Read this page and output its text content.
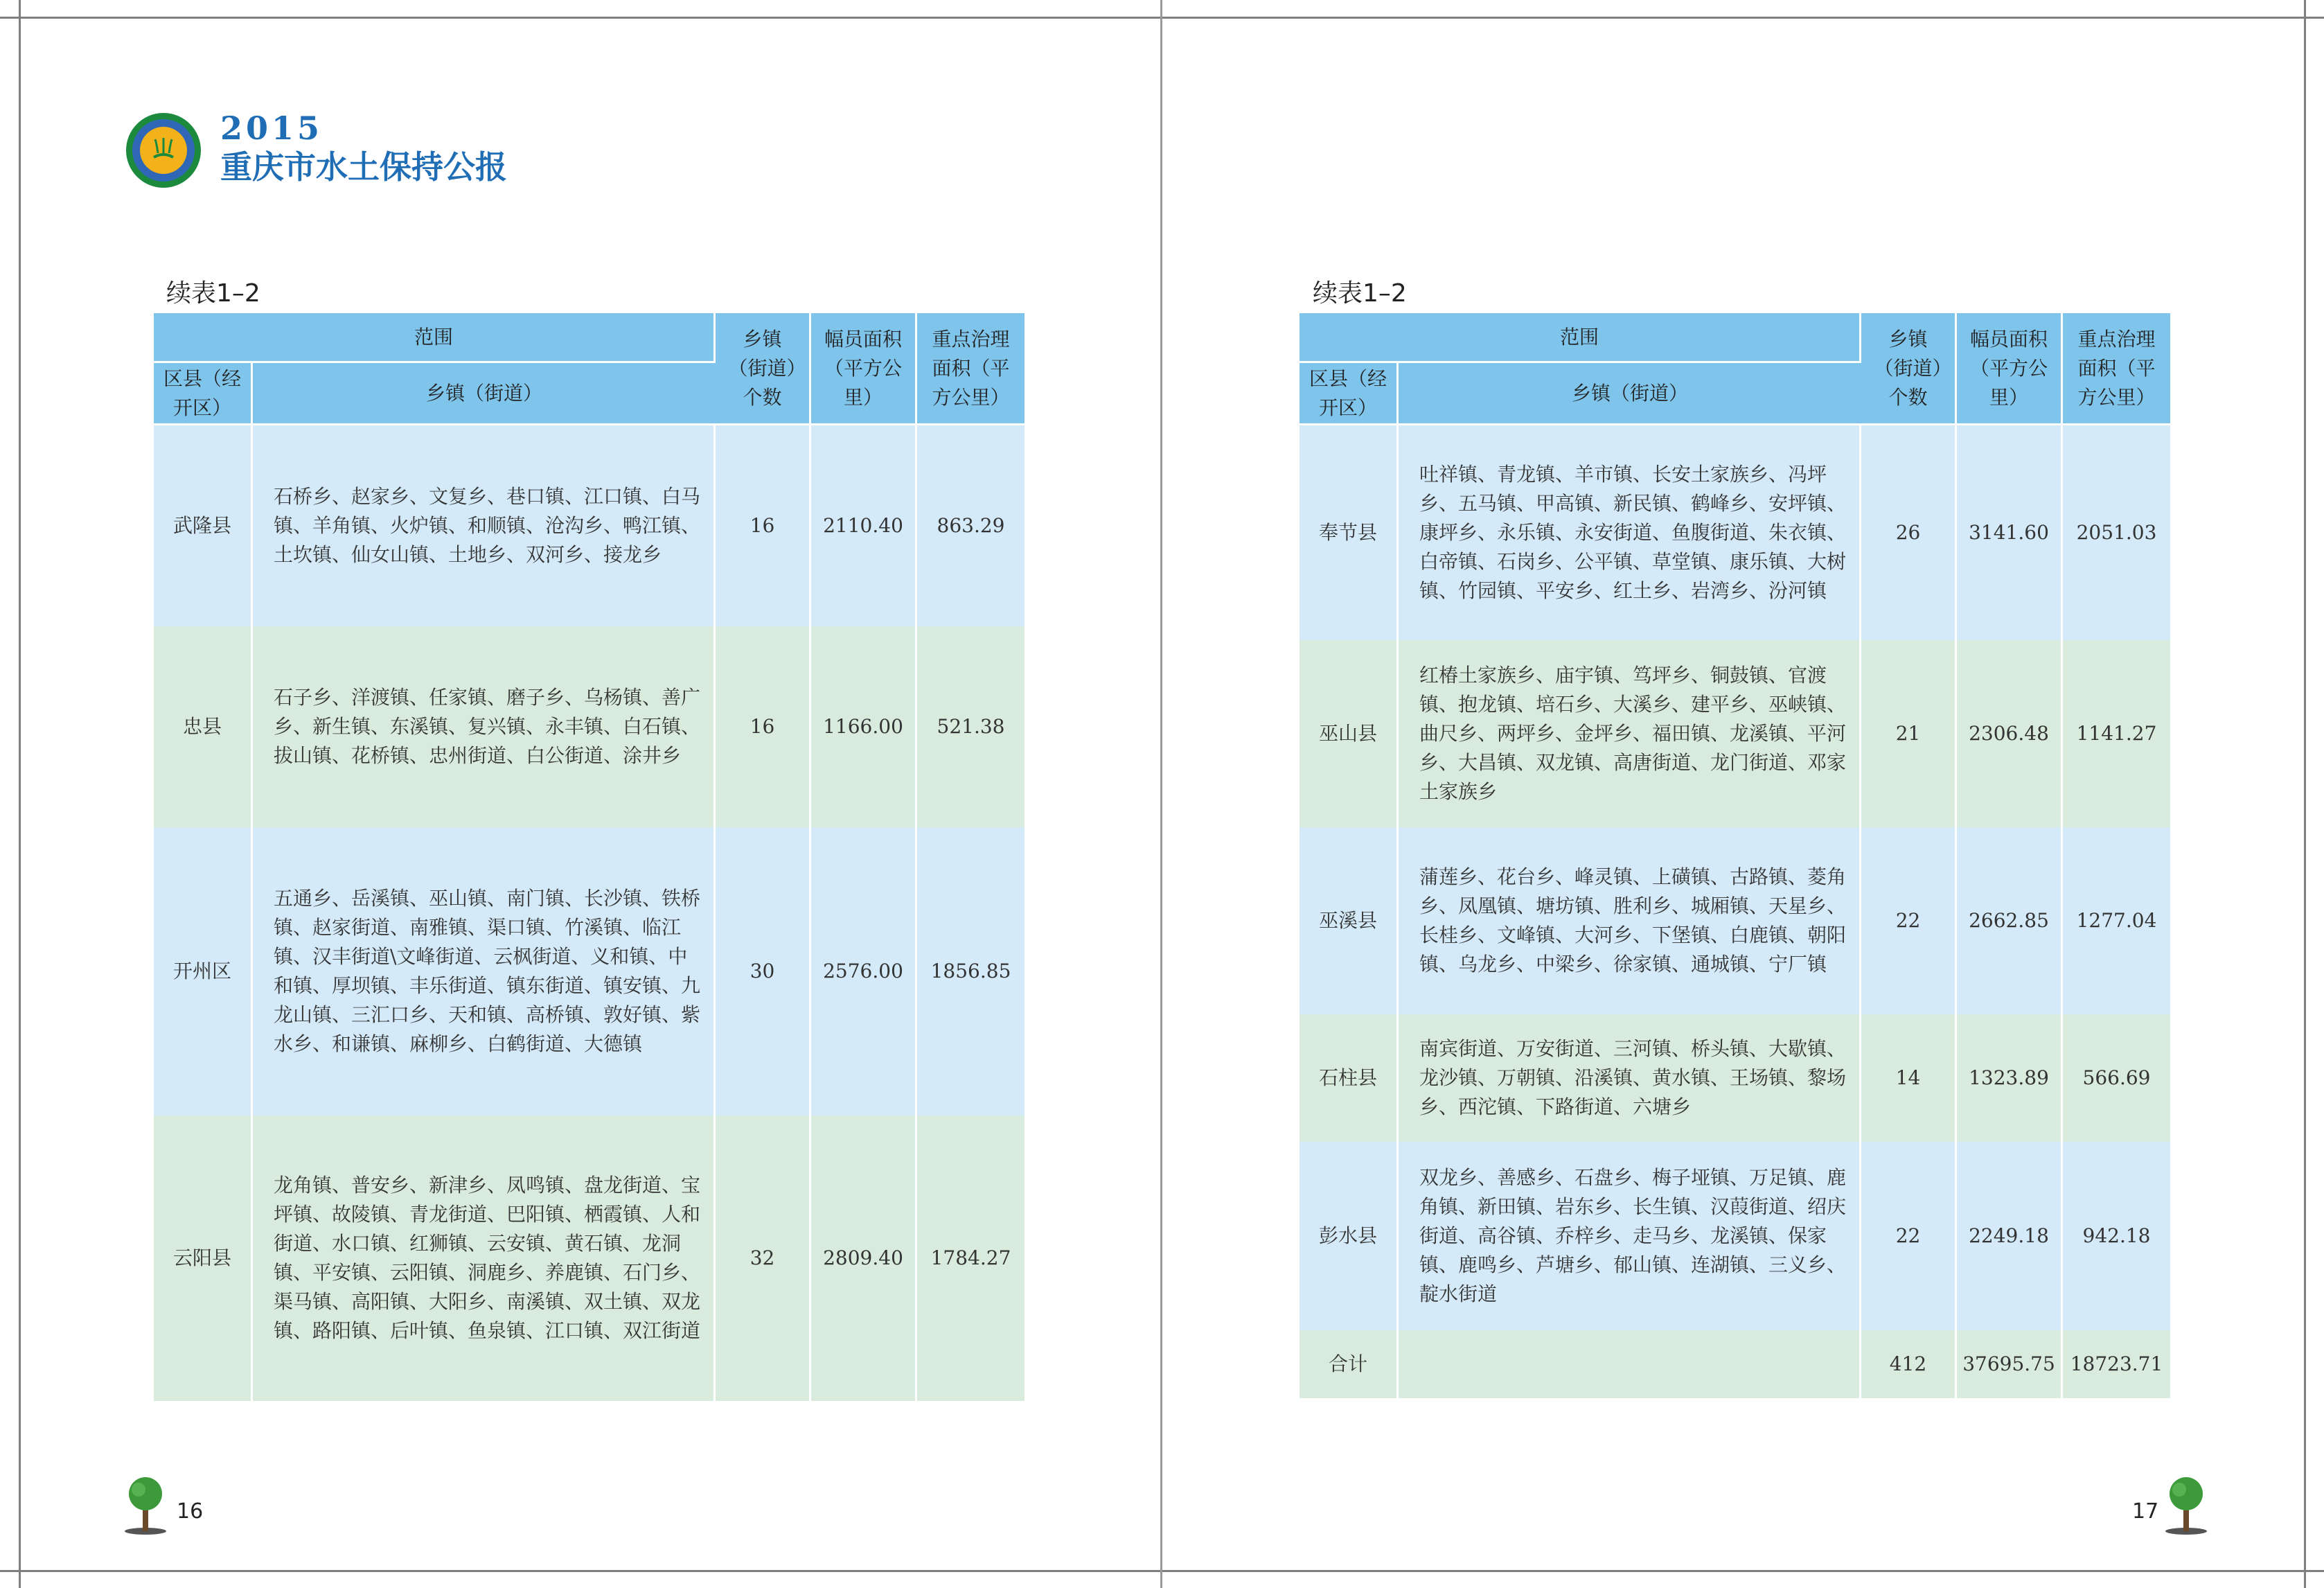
2015
重庆市水土保持公报
续表1–2
范围		乡镇（街道）个数	幅员面积（平方公里）	重点治理面积（平方公里）

区县（经开区）	乡镇（街道）			
武隆县	石桥乡、赵家乡、文复乡、巷口镇、江口镇、白马镇、羊角镇、火炉镇、和顺镇、沧沟乡、鸭江镇、土坎镇、仙女山镇、土地乡、双河乡、接龙乡	16	2110.40	863.29
忠县	石子乡、洋渡镇、任家镇、磨子乡、乌杨镇、善广乡、新生镇、东溪镇、复兴镇、永丰镇、白石镇、拔山镇、花桥镇、忠州街道、白公街道、涂井乡	16	1166.00	521.38
开州区	五通乡、岳溪镇、巫山镇、南门镇、长沙镇、铁桥镇、赵家街道、南雅镇、渠口镇、竹溪镇、临江镇、汉丰街道\文峰街道、云枫街道、义和镇、中和镇、厚坝镇、丰乐街道、镇东街道、镇安镇、九龙山镇、三汇口乡、天和镇、高桥镇、敦好镇、紫水乡、和谦镇、麻柳乡、白鹤街道、大德镇	30	2576.00	1856.85
云阳县	龙角镇、普安乡、新津乡、凤鸣镇、盘龙街道、宝坪镇、故陵镇、青龙街道、巴阳镇、栖霞镇、人和街道、水口镇、红狮镇、云安镇、黄石镇、龙洞镇、平安镇、云阳镇、洞鹿乡、养鹿镇、石门乡、渠马镇、高阳镇、大阳乡、南溪镇、双土镇、双龙镇、路阳镇、后叶镇、鱼泉镇、江口镇、双江街道	32	2809.40	1784.27
16
续表1–2
范围		乡镇（街道）个数	幅员面积（平方公里）	重点治理面积（平方公里）

区县（经开区）	乡镇（街道）			
奉节县	吐祥镇、青龙镇、羊市镇、长安土家族乡、冯坪乡、五马镇、甲高镇、新民镇、鹤峰乡、安坪镇、康坪乡、永乐镇、永安街道、鱼腹街道、朱衣镇、白帝镇、石岗乡、公平镇、草堂镇、康乐镇、大树镇、竹园镇、平安乡、红土乡、岩湾乡、汾河镇	26	3141.60	2051.03
巫山县	红椿土家族乡、庙宇镇、笃坪乡、铜鼓镇、官渡镇、抱龙镇、培石乡、大溪乡、建平乡、巫峡镇、曲尺乡、两坪乡、金坪乡、福田镇、龙溪镇、平河乡、大昌镇、双龙镇、高唐街道、龙门街道、邓家土家族乡	21	2306.48	1141.27
巫溪县	蒲莲乡、花台乡、峰灵镇、上磺镇、古路镇、菱角乡、凤凰镇、塘坊镇、胜利乡、城厢镇、天星乡、长桂乡、文峰镇、大河乡、下堡镇、白鹿镇、朝阳镇、乌龙乡、中梁乡、徐家镇、通城镇、宁厂镇	22	2662.85	1277.04
石柱县	南宾街道、万安街道、三河镇、桥头镇、大歇镇、龙沙镇、万朝镇、沿溪镇、黄水镇、王场镇、黎场乡、西沱镇、下路街道、六塘乡	14	1323.89	566.69
彭水县	双龙乡、善感乡、石盘乡、梅子垭镇、万足镇、鹿角镇、新田镇、岩东乡、长生镇、汉葭街道、绍庆街道、高谷镇、乔梓乡、走马乡、龙溪镇、保家镇、鹿鸣乡、芦塘乡、郁山镇、连湖镇、三义乡、靛水街道	22	2249.18	942.18
合计		412	37695.75	18723.71
17
